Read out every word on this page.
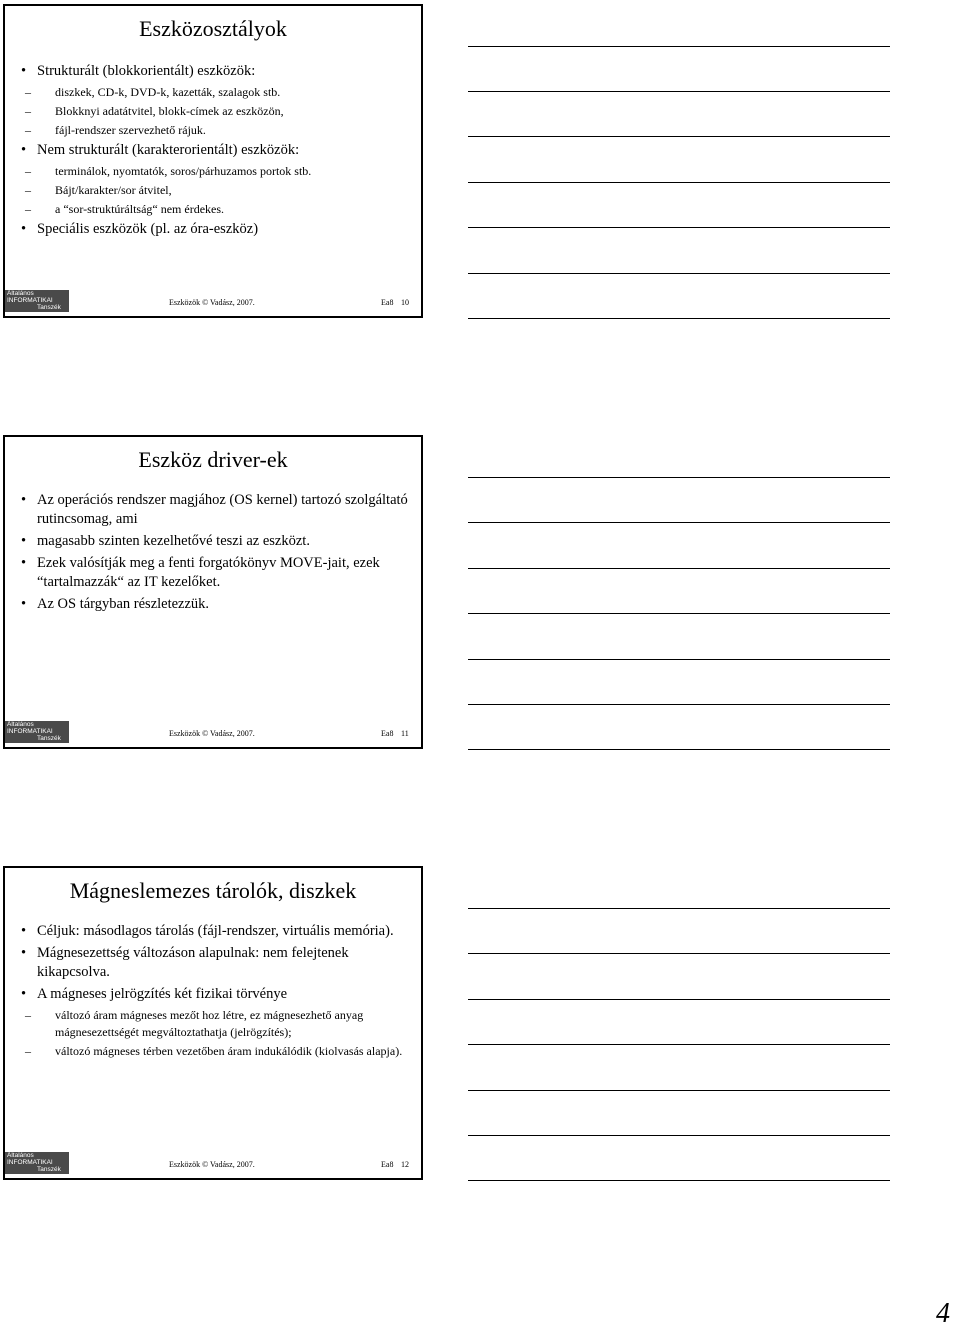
Eszközosztályok
• Strukturált (blokkorientált) eszközök:
– diszkek, CD-k, DVD-k, kazetták, szalagok stb.
– Blokknyi adatátvitel, blokk-címek az eszközön,
– fájl-rendszer szervezhető rájuk.
• Nem strukturált (karakterorientált) eszközök:
– terminálok, nyomtatók, soros/párhuzamos portok stb.
– Bájt/karakter/sor átvitel,
– a “sor-struktúráltság“ nem érdekes.
• Speciális eszközök (pl. az óra-eszköz)
Általános
INFORMATIKAI
Tanszék
Eszközök © Vadász, 2007.	Ea8 10
Eszköz driver-ek
• Az operációs rendszer magjához (OS kernel) tartozó szolgáltató rutincsomag, ami
• magasabb szinten kezelhetővé teszi az eszközt.
• Ezek valósítják meg a fenti forgatókönyv MOVE-jait, ezek “tartalmazzák“ az IT kezelőket.
• Az OS tárgyban részletezzük.
Általános
INFORMATIKAI
Tanszék
Eszközök © Vadász, 2007.	Ea8 11
Mágneslemezes tárolók, diszkek
• Céljuk: másodlagos tárolás (fájl-rendszer, virtuális memória).
• Mágnesezettség változáson alapulnak: nem felejtenek kikapcsolva.
• A mágneses jelrögzítés két fizikai törvénye
– változó áram mágneses mezőt hoz létre, ez mágnesezhető anyag mágnesezettségét megváltoztathatja (jelrögzítés);
– változó mágneses térben vezetőben áram indukálódik (kiolvasás alapja).
Általános
INFORMATIKAI
Tanszék
Eszközök © Vadász, 2007.	Ea8 12
4
